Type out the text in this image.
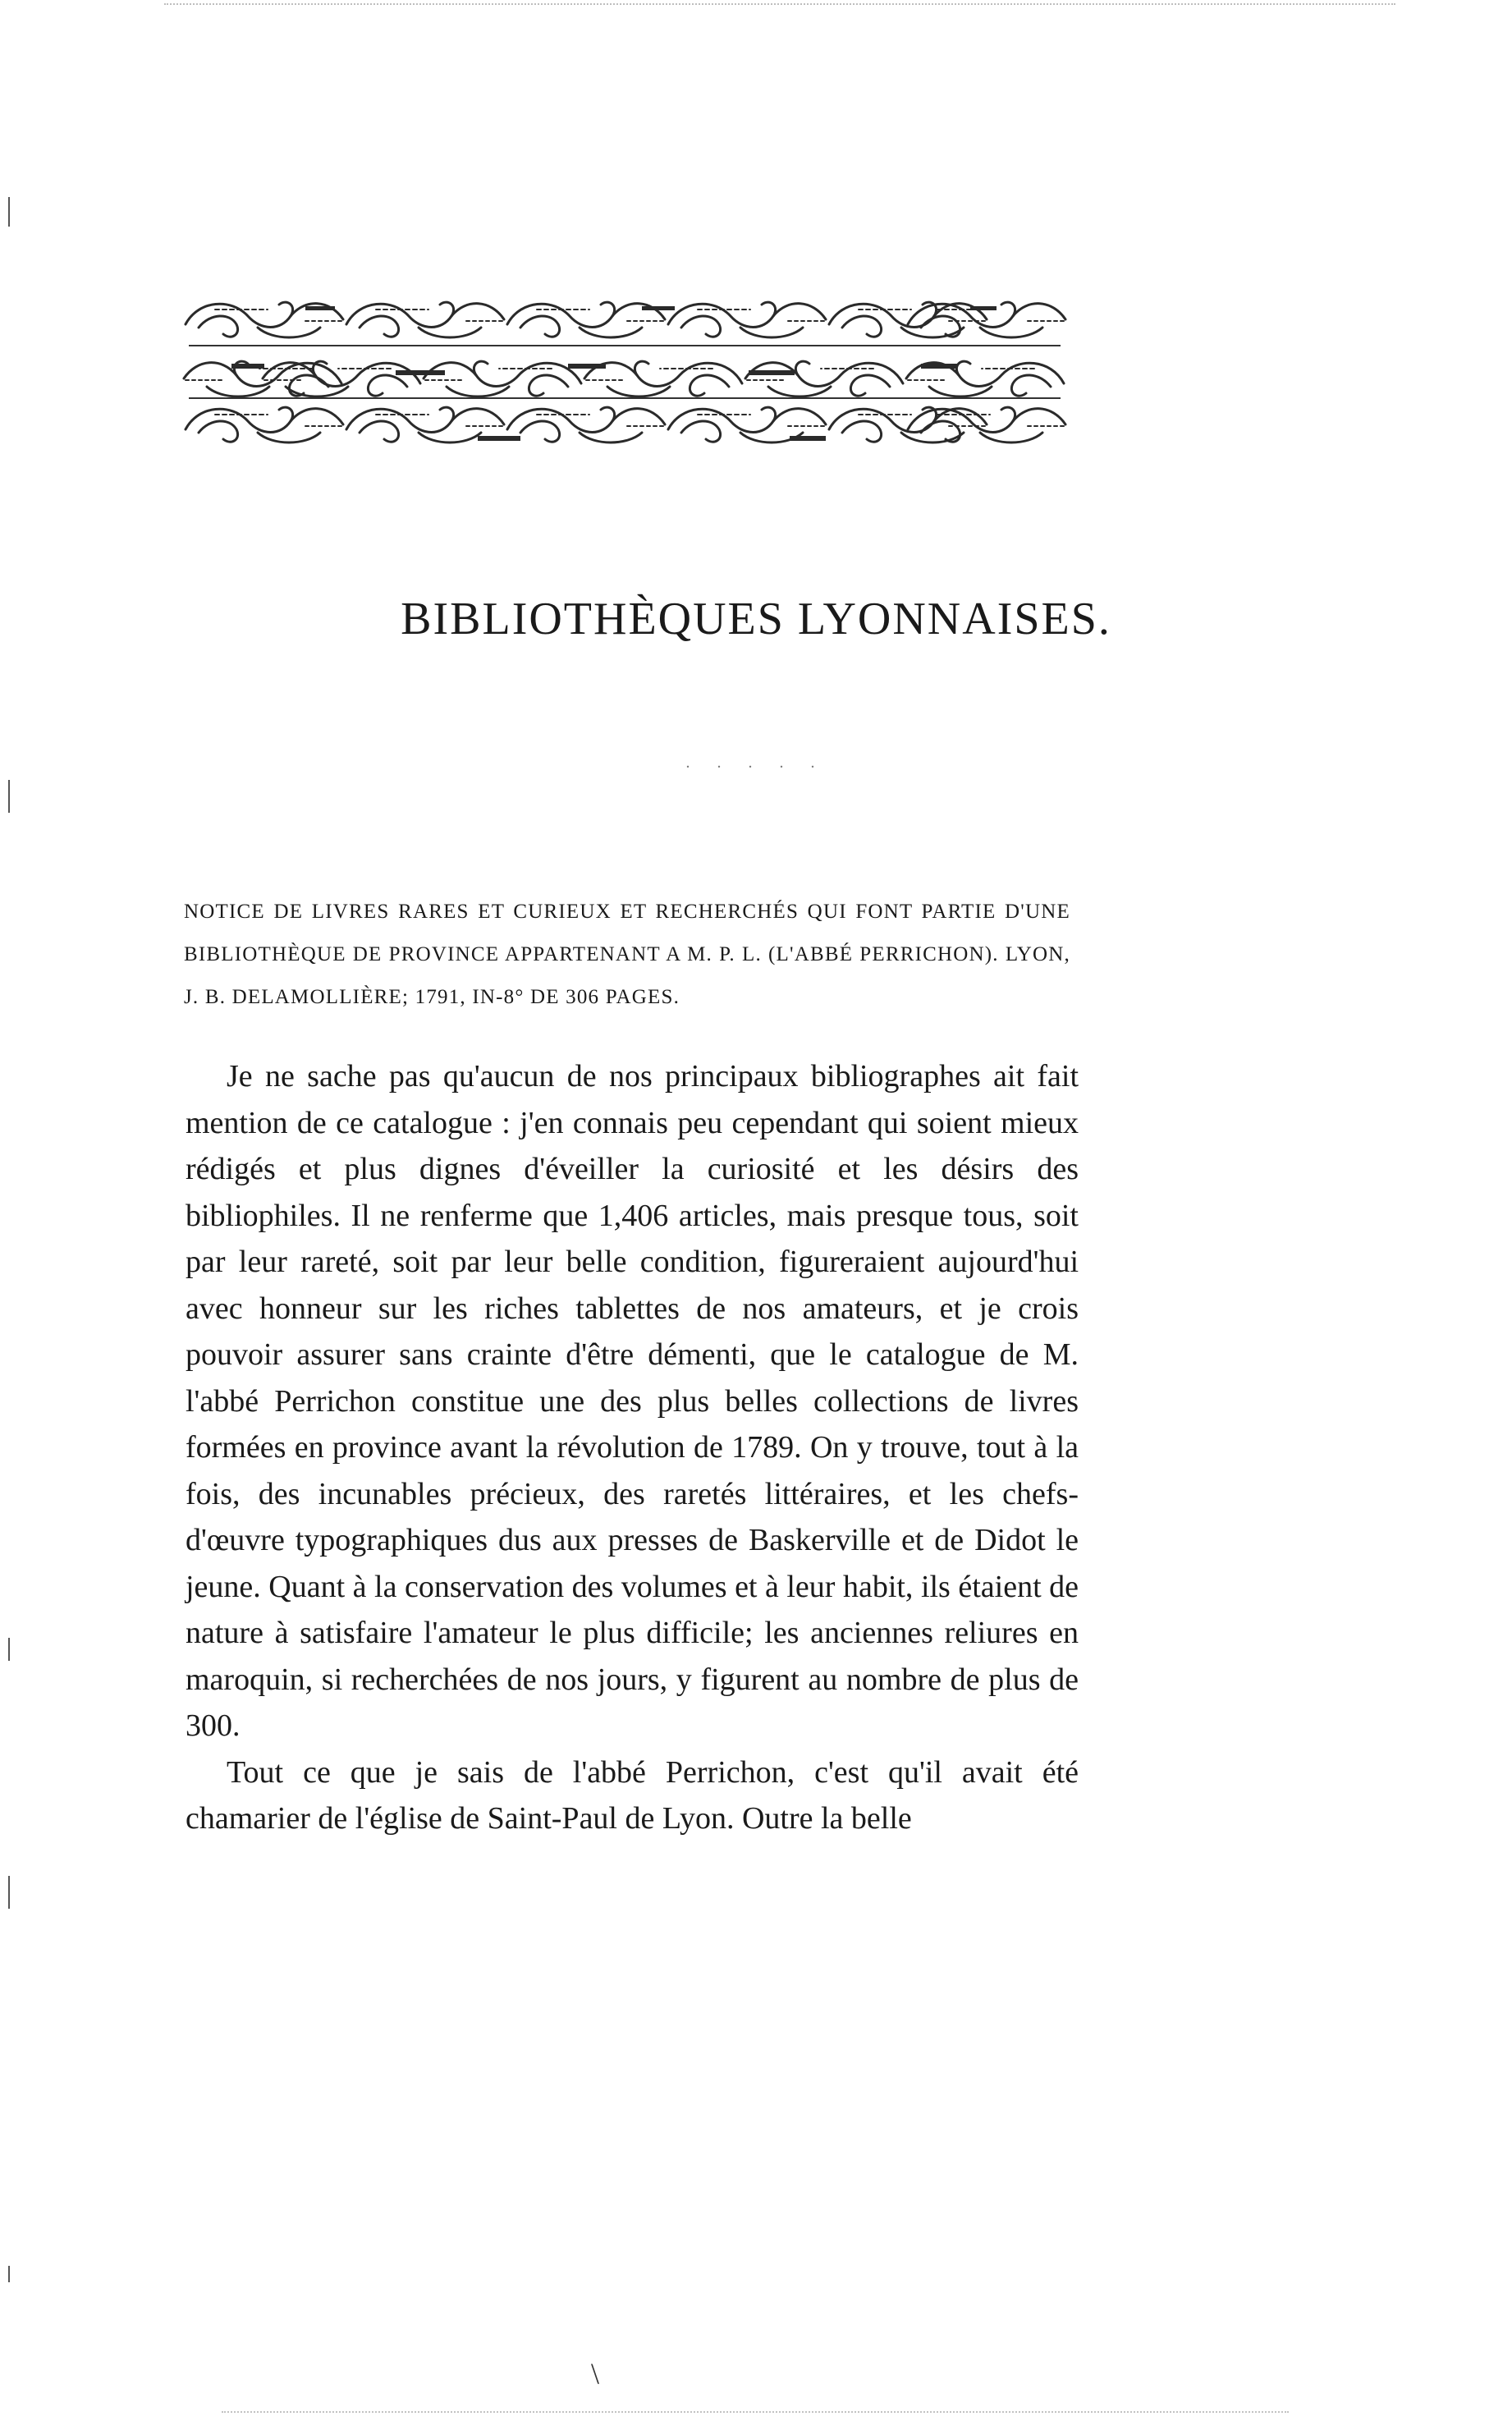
BIBLIOTHÈQUES LYONNAISES.
. . . . .

NOTICE DE LIVRES RARES ET CURIEUX ET RECHERCHÉS QUI FONT PARTIE D'UNE BIBLIOTHÈQUE DE PROVINCE APPARTENANT A M. P. L. (L'ABBÉ PERRICHON). LYON, J. B. DELAMOLLIÈRE; 1791, IN-8° DE 306 PAGES.

Je ne sache pas qu'aucun de nos principaux bibliographes ait fait mention de ce catalogue : j'en connais peu cependant qui soient mieux rédigés et plus dignes d'éveiller la curiosité et les désirs des bibliophiles. Il ne renferme que 1,406 articles, mais presque tous, soit par leur rareté, soit par leur belle condition, figureraient aujourd'hui avec honneur sur les riches tablettes de nos amateurs, et je crois pouvoir assurer sans crainte d'être démenti, que le catalogue de M. l'abbé Perrichon constitue une des plus belles collections de livres formées en province avant la révolution de 1789. On y trouve, tout à la fois, des incunables précieux, des raretés littéraires, et les chefs-d'œuvre typographiques dus aux presses de Baskerville et de Didot le jeune. Quant à la conservation des volumes et à leur habit, ils étaient de nature à satisfaire l'amateur le plus difficile; les anciennes reliures en maroquin, si recherchées de nos jours, y figurent au nombre de plus de 300.

Tout ce que je sais de l'abbé Perrichon, c'est qu'il avait été chamarier de l'église de Saint-Paul de Lyon. Outre la belle

\
